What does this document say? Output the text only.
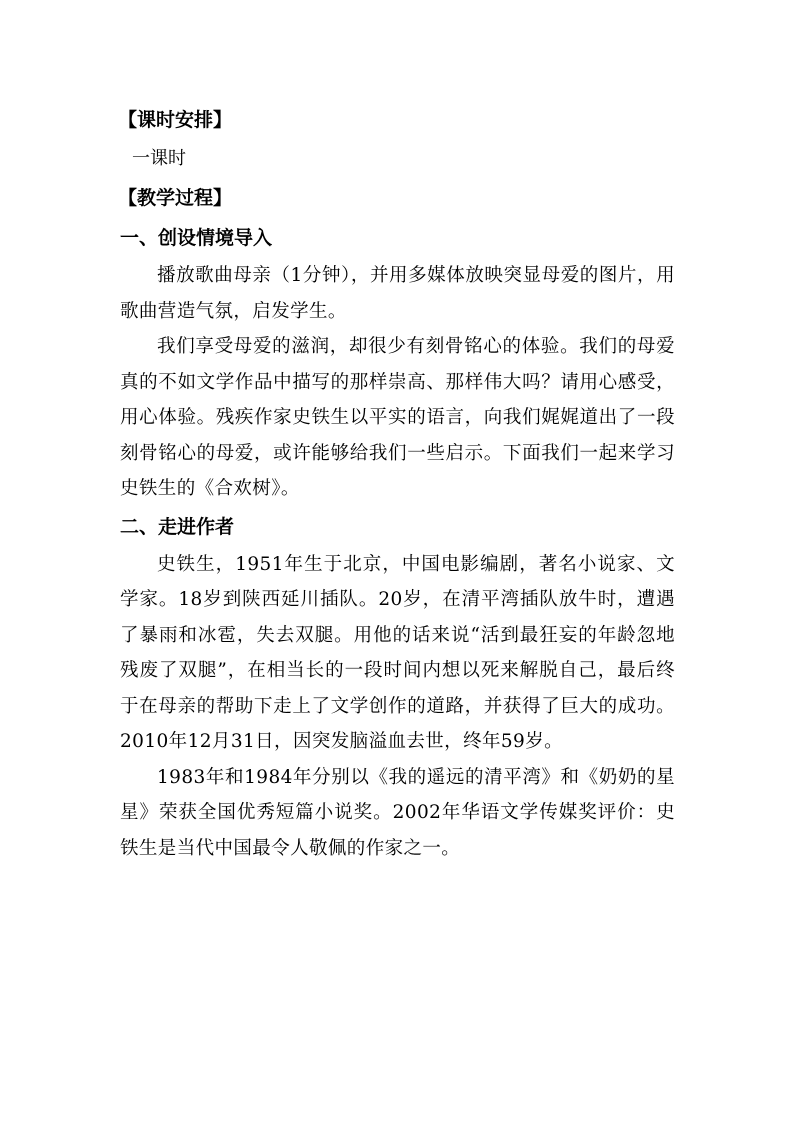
【课时安排】
一课时
【教学过程】
一、创设情境导入

播放歌曲母亲（1分钟），并用多媒体放映突显母爱的图片，用歌曲营造气氛，启发学生。

我们享受母爱的滋润，却很少有刻骨铭心的体验。我们的母爱真的不如文学作品中描写的那样崇高、那样伟大吗？请用心感受，用心体验。残疾作家史铁生以平实的语言，向我们娓娓道出了一段刻骨铭心的母爱，或许能够给我们一些启示。下面我们一起来学习史铁生的《合欢树》。

二、走进作者

史铁生，1951年生于北京，中国电影编剧，著名小说家、文学家。18岁到陕西延川插队。20岁，在清平湾插队放牛时，遭遇了暴雨和冰雹，失去双腿。用他的话来说“活到最狂妄的年龄忽地残废了双腿”，在相当长的一段时间内想以死来解脱自己，最后终于在母亲的帮助下走上了文学创作的道路，并获得了巨大的成功。2010年12月31日，因突发脑溢血去世，终年59岁。

1983年和1984年分别以《我的遥远的清平湾》和《奶奶的星星》荣获全国优秀短篇小说奖。2002年华语文学传媒奖评价：史铁生是当代中国最令人敬佩的作家之一。
